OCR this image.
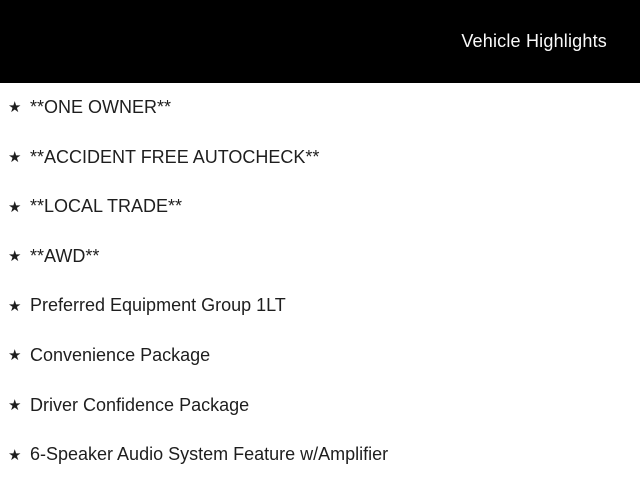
Vehicle Highlights
★ **ONE OWNER**
★ **ACCIDENT FREE AUTOCHECK**
★ **LOCAL TRADE**
★ **AWD**
★ Preferred Equipment Group 1LT
★ Convenience Package
★ Driver Confidence Package
★ 6-Speaker Audio System Feature w/Amplifier
